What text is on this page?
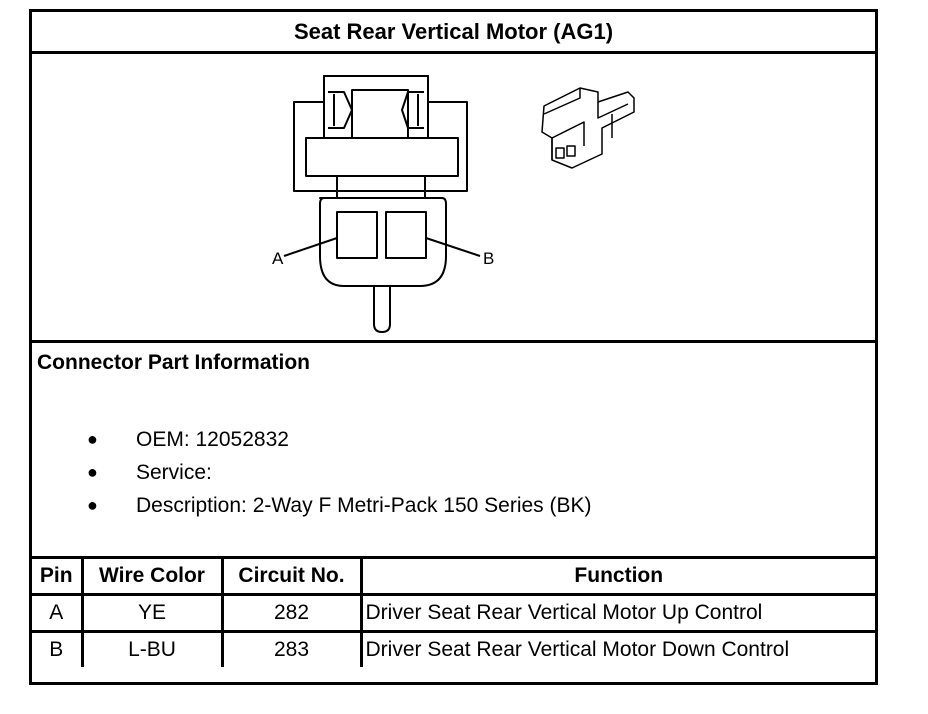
Seat Rear Vertical Motor (AG1)
A	B
Connector Part Information
● OEM: 12052832
● Service:
● Description: 2-Way F Metri-Pack 150 Series (BK)
Pin	Wire Color	Circuit No.	Function
A	YE	282	Driver Seat Rear Vertical Motor Up Control
B	L-BU	283	Driver Seat Rear Vertical Motor Down Control
